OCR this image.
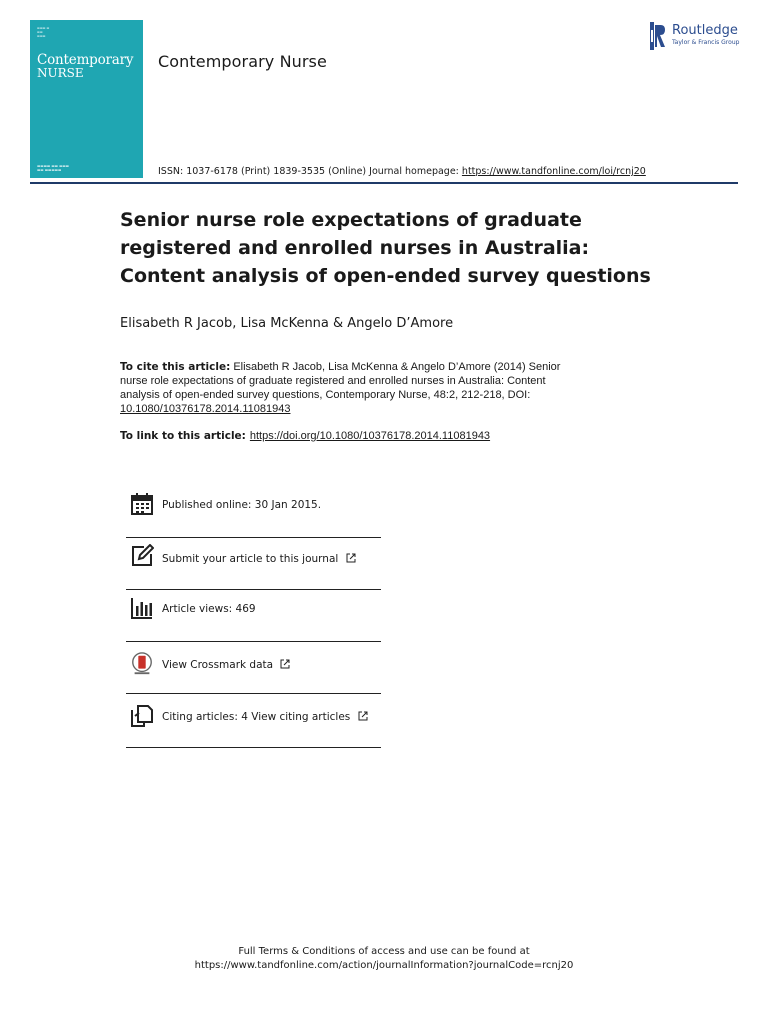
▬▬▬ ▬
▬▬
▬▬▬
Contemporary
NURSE
▬▬▬▬ ▬▬ ▬▬▬
▬▬ ▬▬▬▬▬
Contemporary Nurse
Routledge
Taylor & Francis Group
ISSN: 1037-6178 (Print) 1839-3535 (Online) Journal homepage: https://www.tandfonline.com/loi/rcnj20
Senior nurse role expectations of graduate
registered and enrolled nurses in Australia:
Content analysis of open-ended survey questions
Elisabeth R Jacob, Lisa McKenna & Angelo D’Amore
To cite this article: Elisabeth R Jacob, Lisa McKenna & Angelo D’Amore (2014) Senior
nurse role expectations of graduate registered and enrolled nurses in Australia: Content
analysis of open-ended survey questions, Contemporary Nurse, 48:2, 212-218, DOI:
10.1080/10376178.2014.11081943
To link to this article: https://doi.org/10.1080/10376178.2014.11081943
Published online: 30 Jan 2015.
Submit your article to this journal
Article views: 469
View Crossmark data
Citing articles: 4 View citing articles
Full Terms & Conditions of access and use can be found at
https://www.tandfonline.com/action/journalInformation?journalCode=rcnj20
